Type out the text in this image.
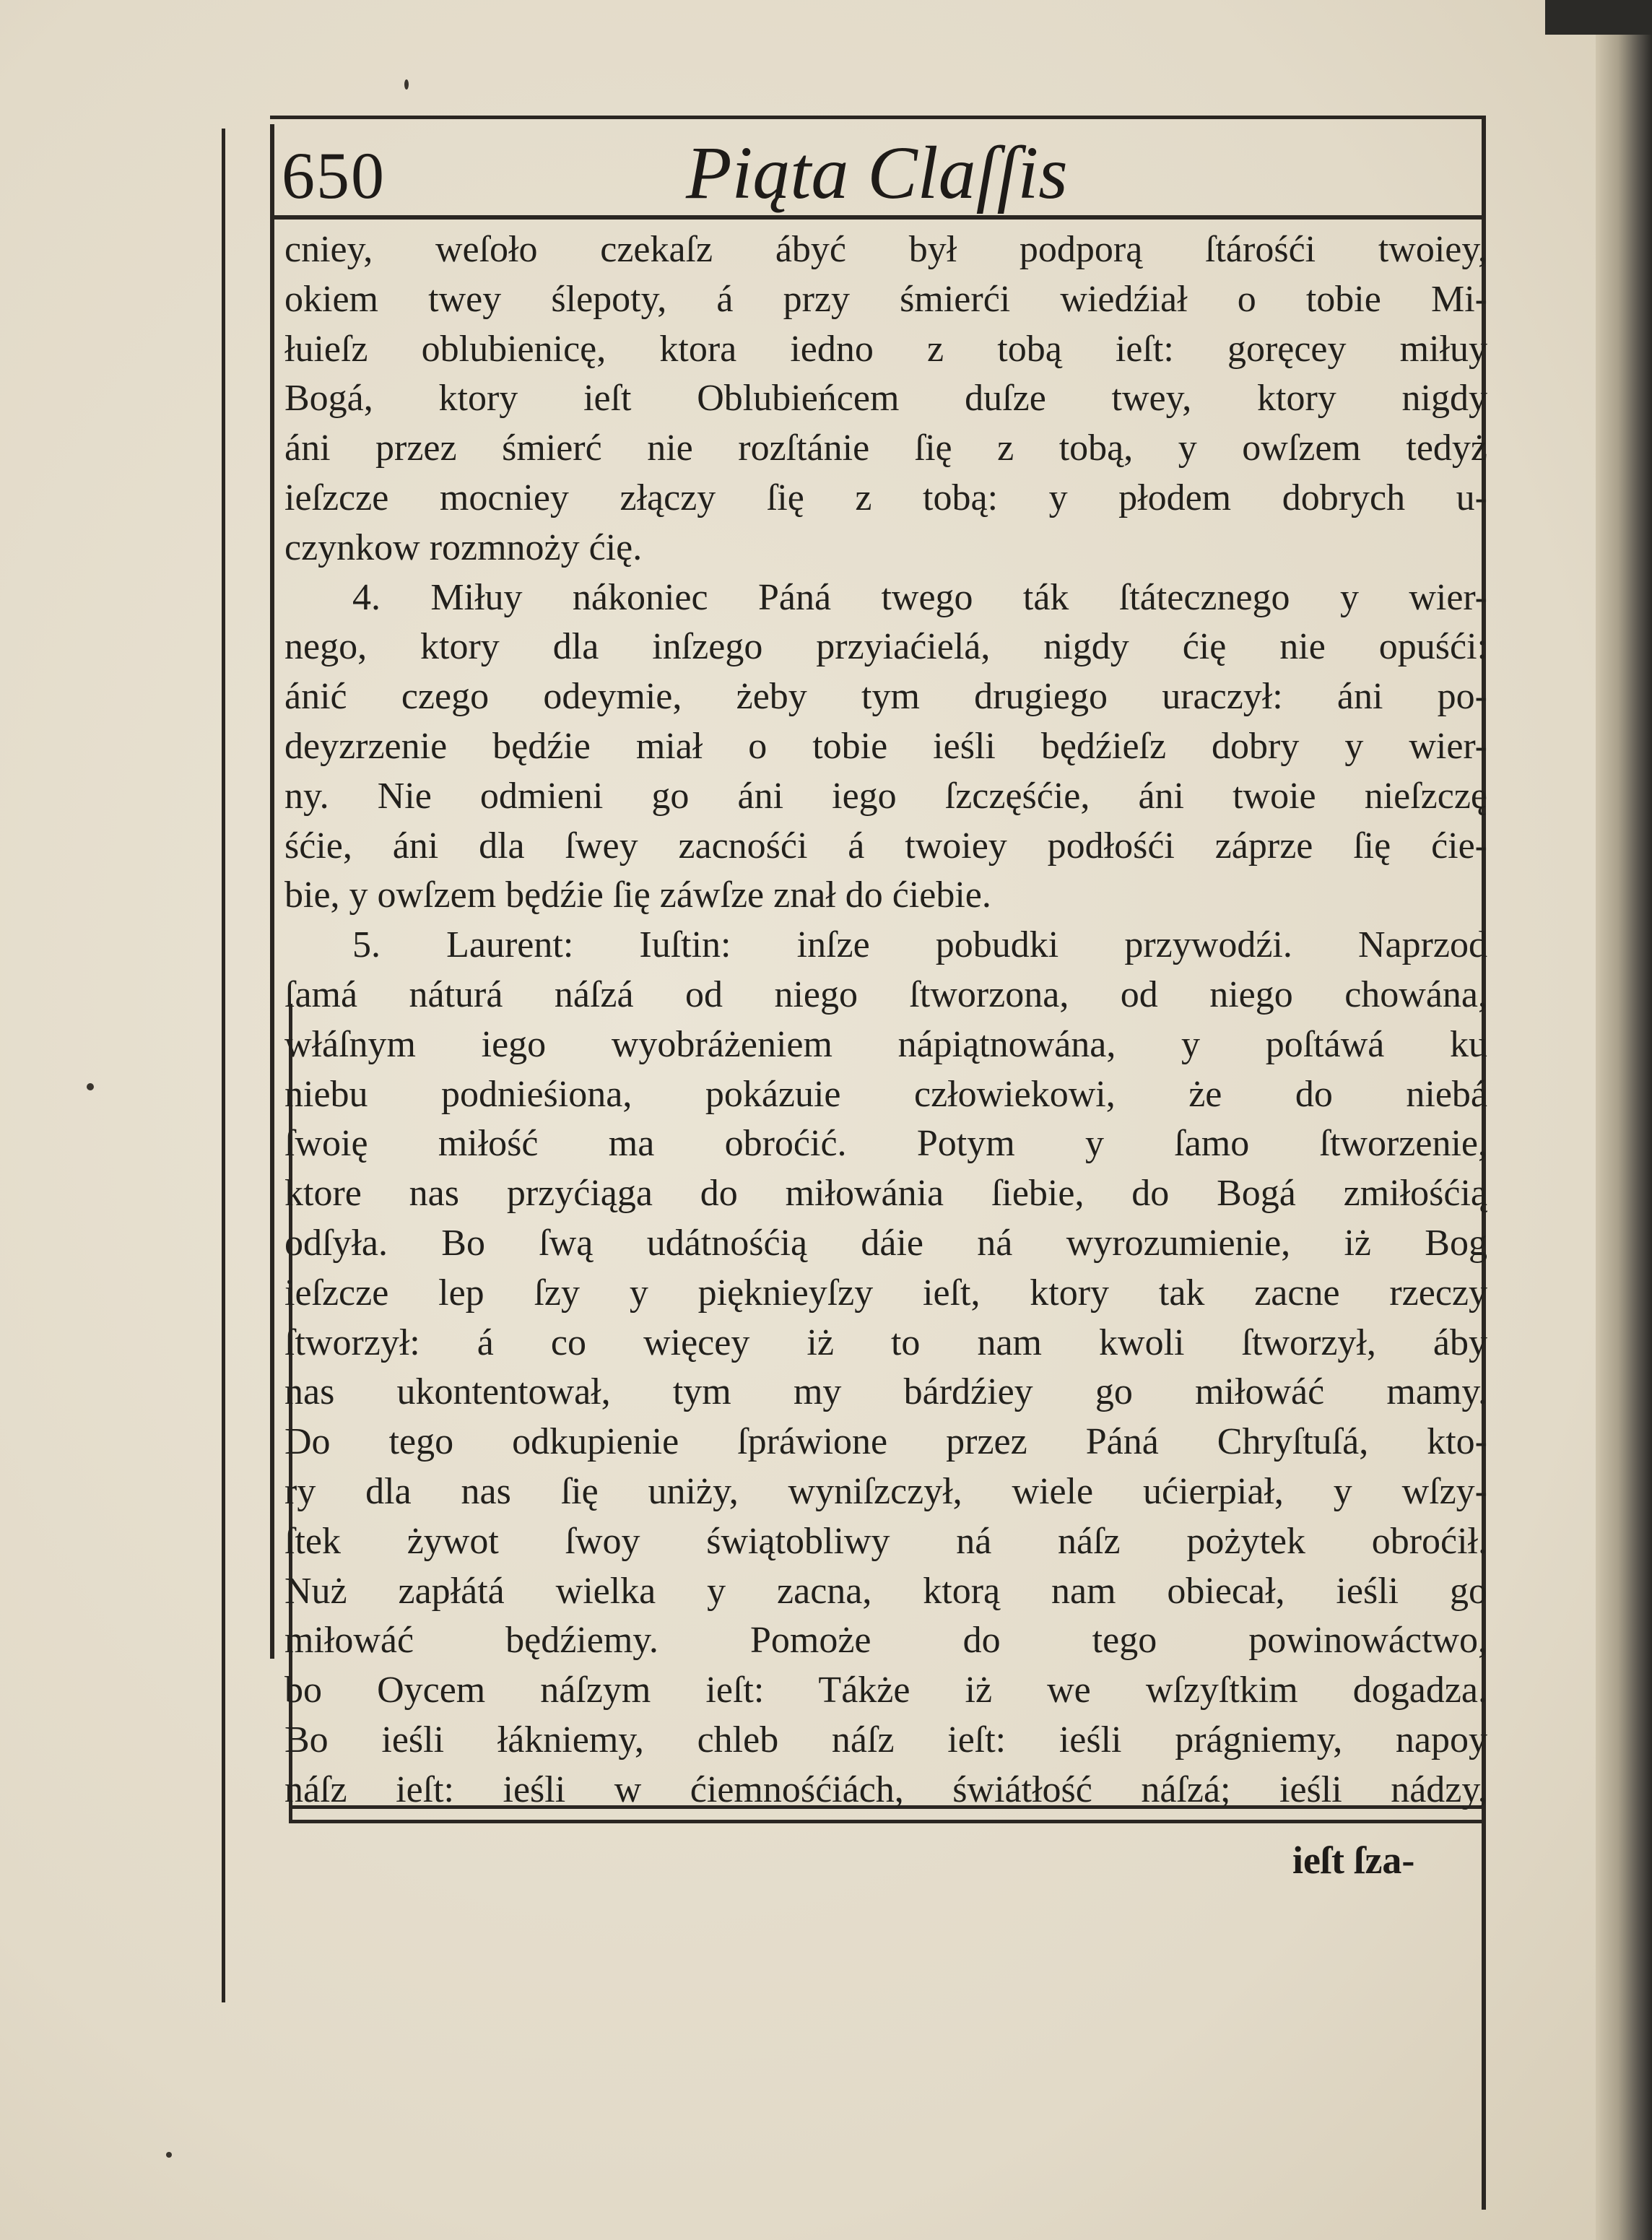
650	Piąta Claſſis
cniey, weſoło czekaſz ábyć był podporą ſtárośći twoiey,
okiem twey ślepoty, á przy śmierći wiedźiał o tobie Mi-
łuieſz oblubienicę, ktora iedno z tobą ieſt: goręcey miłuy
Bogá, ktory ieſt Oblubieńcem duſze twey, ktory nigdy
áni przez śmierć nie rozſtánie ſię z tobą, y owſzem tedyż
ieſzcze mocniey złączy ſię z tobą: y płodem dobrych u-
czynkow rozmnoży ćię.
4. Miłuy nákoniec Páná twego ták ſtátecznego y wier-
nego, ktory dla inſzego przyiaćielá, nigdy ćię nie opuśći:
ánić czego odeymie, żeby tym drugiego uraczył: áni po-
deyzrzenie będźie miał o tobie ieśli będźieſz dobry y wier-
ny. Nie odmieni go áni iego ſzczęśćie, áni twoie nieſzczę
śćie, áni dla ſwey zacnośći á twoiey podłośći záprze ſię ćie-
bie, y owſzem będźie ſię záwſze znał do ćiebie.
5. Laurent: Iuſtin: inſze pobudki przywodźi. Naprzod
ſamá náturá náſzá od niego ſtworzona, od niego chowána,
włáſnym iego wyobráżeniem nápiątnowána, y poſtáwá ku
niebu podnieśiona, pokázuie człowiekowi, że do niebá
ſwoię miłość ma obroćić. Potym y ſamo ſtworzenie,
ktore nas przyćiąga do miłowánia ſiebie, do Bogá zmiłośćią
odſyła. Bo ſwą udátnośćią dáie ná wyrozumienie, iż Bog
ieſzcze lep ſzy y pięknieyſzy ieſt, ktory tak zacne rzeczy
ſtworzył: á co więcey iż to nam kwoli ſtworzył, áby
nas ukontentował, tym my bárdźiey go miłowáć mamy.
Do tego odkupienie ſpráwione przez Páná Chryſtuſá, kto-
ry dla nas ſię uniży, wyniſzczył, wiele ućierpiał, y wſzy-
ſtek żywot ſwoy świątobliwy ná náſz pożytek obroćił.
Nuż zapłátá wielka y zacna, ktorą nam obiecał, ieśli go
miłowáć będźiemy. Pomoże do tego powinowáctwo,
bo Oycem náſzym ieſt: Tákże iż we wſzyſtkim dogadza.
Bo ieśli łákniemy, chleb náſz ieſt: ieśli prágniemy, napoy
náſz ieſt: ieśli w ćiemnośćiách, świátłość náſzá; ieśli nádzy,
ieſt ſza-
